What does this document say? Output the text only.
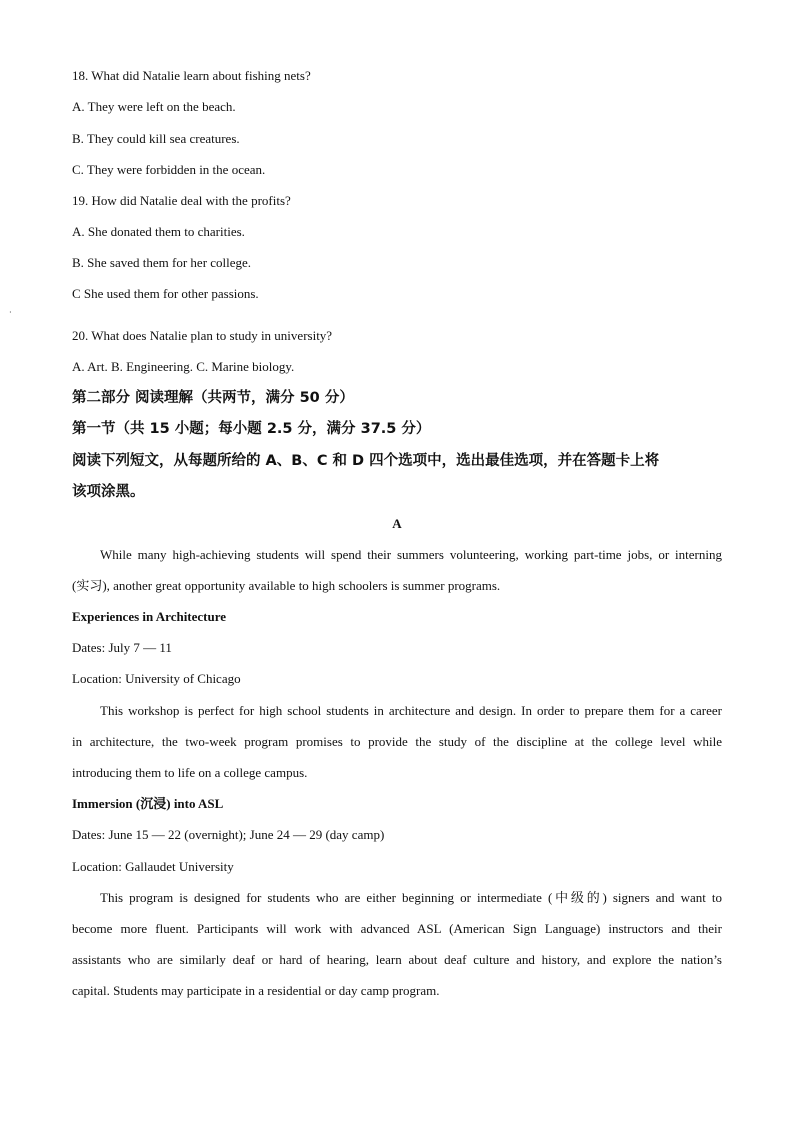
·
18. What did Natalie learn about fishing nets?
A. They were left on the beach.
B. They could kill sea creatures.
C. They were forbidden in the ocean.
19. How did Natalie deal with the profits?
A. She donated them to charities.
B. She saved them for her college.
C She used them for other passions.
20. What does Natalie plan to study in university?
A. Art. B. Engineering. C. Marine biology.
第二部分 阅读理解（共两节，满分 50 分）
第一节（共 15 小题；每小题 2.5 分，满分 37.5 分）
阅读下列短文，从每题所给的 A、B、C 和 D 四个选项中，选出最佳选项，并在答题卡上将
该项涂黑。
A
While many high-achieving students will spend their summers volunteering, working part-time jobs, or interning
(实习), another great opportunity available to high schoolers is summer programs.
Experiences in Architecture
Dates: July 7 — 11
Location: University of Chicago
This workshop is perfect for high school students in architecture and design. In order to prepare them for a career
in architecture, the two-week program promises to provide the study of the discipline at the college level while
introducing them to life on a college campus.
Immersion (沉浸) into ASL
Dates: June 15 — 22 (overnight); June 24 — 29 (day camp)
Location: Gallaudet University
This program is designed for students who are either beginning or intermediate (中级的) signers and want to
become more fluent. Participants will work with advanced ASL (American Sign Language) instructors and their
assistants who are similarly deaf or hard of hearing, learn about deaf culture and history, and explore the nation’s
capital. Students may participate in a residential or day camp program.
